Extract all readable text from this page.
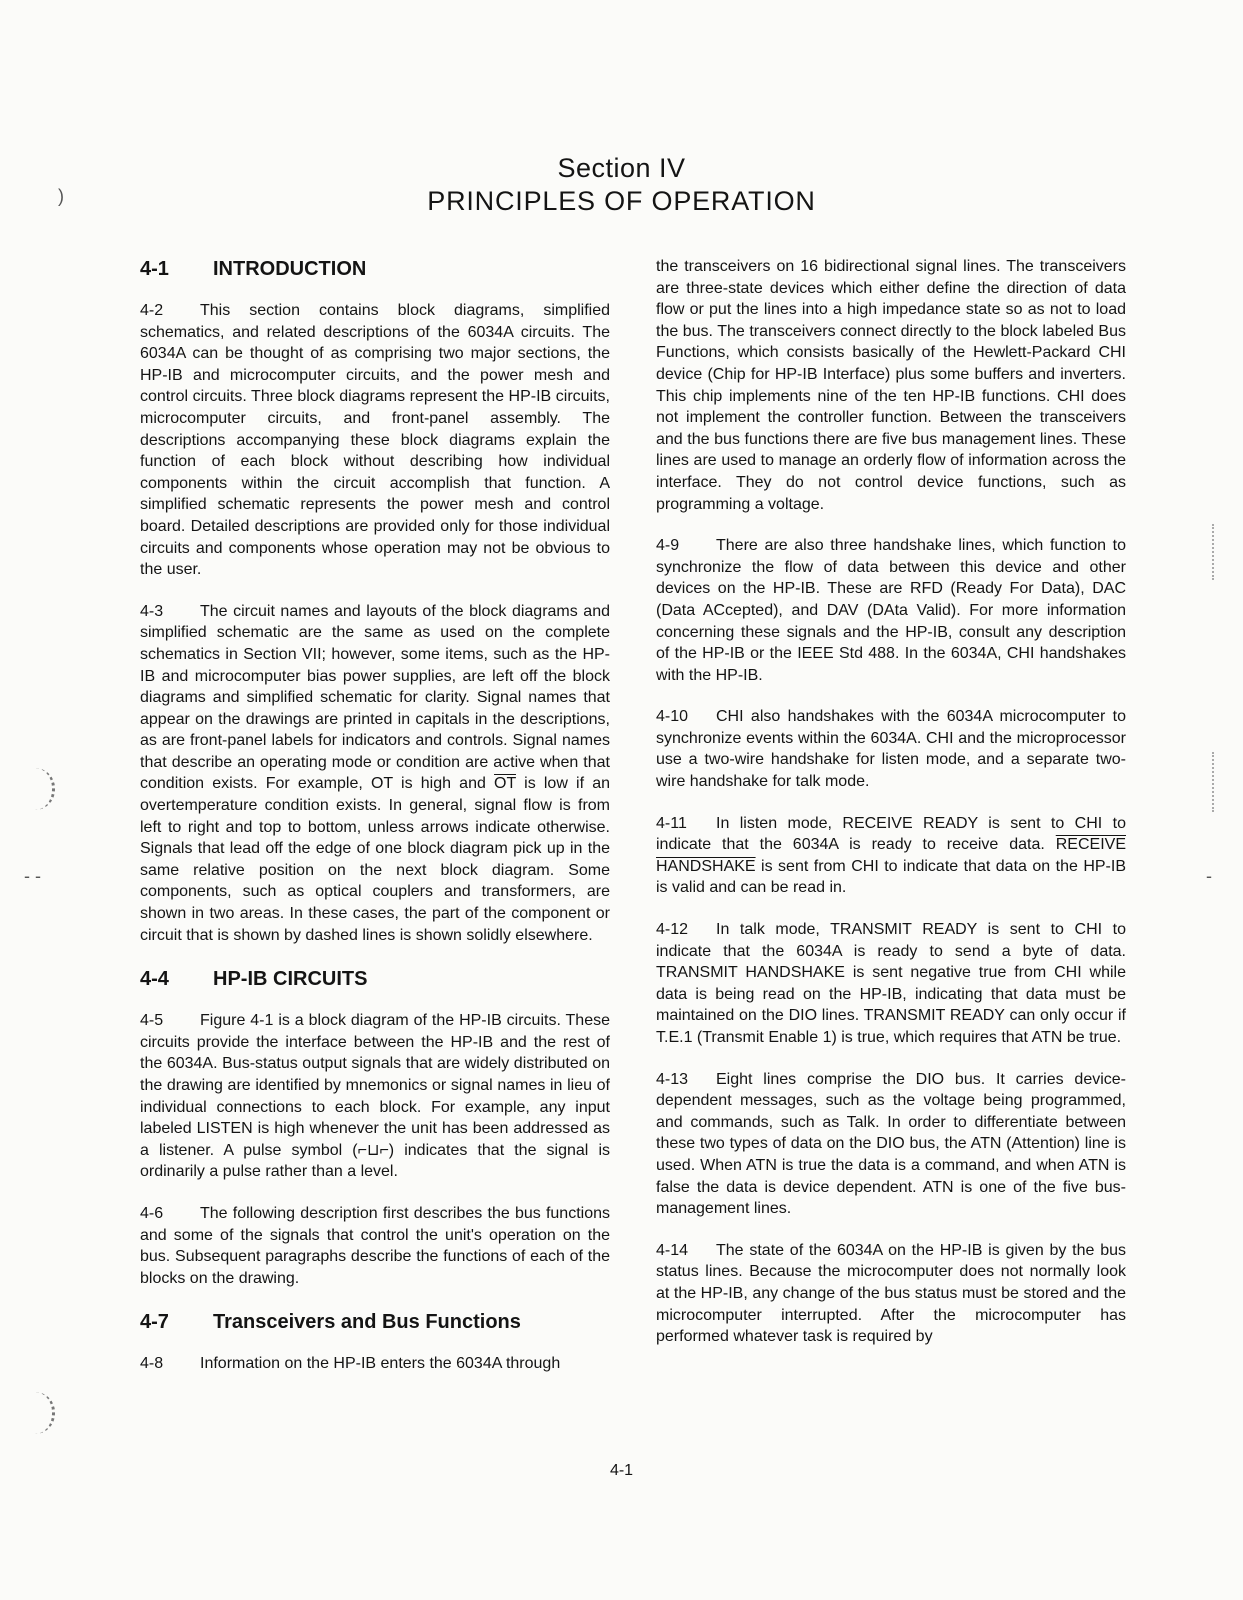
Section IV
PRINCIPLES OF OPERATION
4-1 INTRODUCTION

4-2 This section contains block diagrams, simplified schematics, and related descriptions of the 6034A circuits. The 6034A can be thought of as comprising two major sections, the HP-IB and microcomputer circuits, and the power mesh and control circuits. Three block diagrams represent the HP-IB circuits, microcomputer circuits, and front-panel assembly. The descriptions accompanying these block diagrams explain the function of each block without describing how individual components within the circuit accomplish that function. A simplified schematic represents the power mesh and control board. Detailed descriptions are provided only for those individual circuits and components whose operation may not be obvious to the user.

4-3 The circuit names and layouts of the block diagrams and simplified schematic are the same as used on the complete schematics in Section VII; however, some items, such as the HP-IB and microcomputer bias power supplies, are left off the block diagrams and simplified schematic for clarity. Signal names that appear on the drawings are printed in capitals in the descriptions, as are front-panel labels for indicators and controls. Signal names that describe an operating mode or condition are active when that condition exists. For example, OT is high and $\overline{OT}$ is low if an overtemperature condition exists. In general, signal flow is from left to right and top to bottom, unless arrows indicate otherwise. Signals that lead off the edge of one block diagram pick up in the same relative position on the next block diagram. Some components, such as optical couplers and transformers, are shown in two areas. In these cases, the part of the component or circuit that is shown by dashed lines is shown solidly elsewhere.

4-4 HP-IB CIRCUITS

4-5 Figure 4-1 is a block diagram of the HP-IB circuits. These circuits provide the interface between the HP-IB and the rest of the 6034A. Bus-status output signals that are widely distributed on the drawing are identified by mnemonics or signal names in lieu of individual connections to each block. For example, any input labeled LISTEN is high whenever the unit has been addressed as a listener. A pulse symbol (⌐⊔⌐) indicates that the signal is ordinarily a pulse rather than a level.

4-6 The following description first describes the bus functions and some of the signals that control the unit's operation on the bus. Subsequent paragraphs describe the functions of each of the blocks on the drawing.

4-7 Transceivers and Bus Functions

4-8 Information on the HP-IB enters the 6034A through

the transceivers on 16 bidirectional signal lines. The transceivers are three-state devices which either define the direction of data flow or put the lines into a high impedance state so as not to load the bus. The transceivers connect directly to the block labeled Bus Functions, which consists basically of the Hewlett-Packard CHI device (Chip for HP-IB Interface) plus some buffers and inverters. This chip implements nine of the ten HP-IB functions. CHI does not implement the controller function. Between the transceivers and the bus functions there are five bus management lines. These lines are used to manage an orderly flow of information across the interface. They do not control device functions, such as programming a voltage.

4-9 There are also three handshake lines, which function to synchronize the flow of data between this device and other devices on the HP-IB. These are RFD (Ready For Data), DAC (Data ACcepted), and DAV (DAta Valid). For more information concerning these signals and the HP-IB, consult any description of the HP-IB or the IEEE Std 488. In the 6034A, CHI handshakes with the HP-IB.

4-10 CHI also handshakes with the 6034A microcomputer to synchronize events within the 6034A. CHI and the microprocessor use a two-wire handshake for listen mode, and a separate two-wire handshake for talk mode.

4-11 In listen mode, RECEIVE READY is sent to CHI to indicate that the 6034A is ready to receive data. RECEIVE HANDSHAKE is sent from CHI to indicate that data on the HP-IB is valid and can be read in.

4-12 In talk mode, TRANSMIT READY is sent to CHI to indicate that the 6034A is ready to send a byte of data. TRANSMIT HANDSHAKE is sent negative true from CHI while data is being read on the HP-IB, indicating that data must be maintained on the DIO lines. TRANSMIT READY can only occur if T.E.1 (Transmit Enable 1) is true, which requires that ATN be true.

4-13 Eight lines comprise the DIO bus. It carries device-dependent messages, such as the voltage being programmed, and commands, such as Talk. In order to differentiate between these two types of data on the DIO bus, the ATN (Attention) line is used. When ATN is true the data is a command, and when ATN is false the data is device dependent. ATN is one of the five bus-management lines.

4-14 The state of the 6034A on the HP-IB is given by the bus status lines. Because the microcomputer does not normally look at the HP-IB, any change of the bus status must be stored and the microcomputer interrupted. After the microcomputer has performed whatever task is required by

4-1
)
- -	-
